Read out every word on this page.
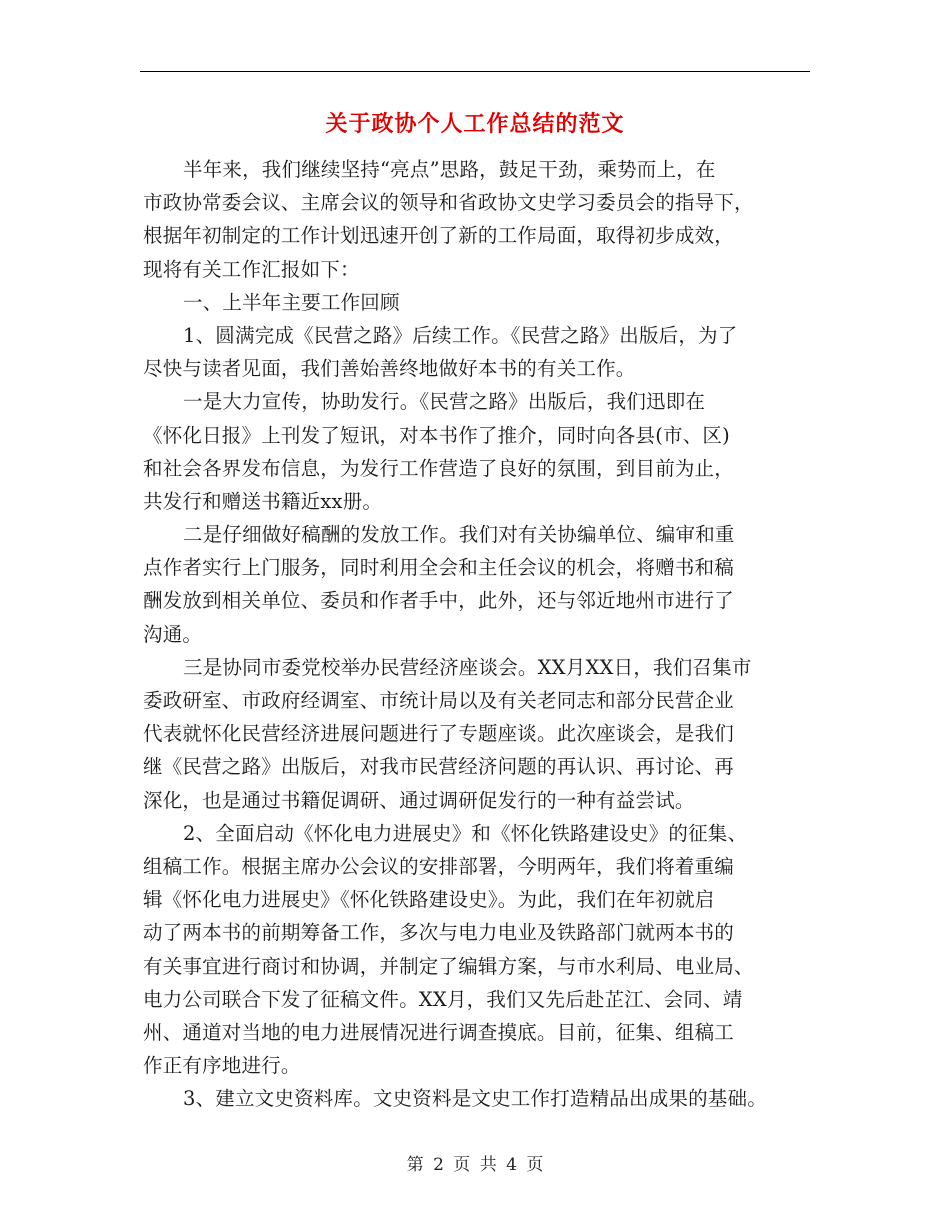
关于政协个人工作总结的范文
半年来，我们继续坚持“亮点”思路，鼓足干劲，乘势而上，在
市政协常委会议、主席会议的领导和省政协文史学习委员会的指导下，
根据年初制定的工作计划迅速开创了新的工作局面，取得初步成效，
现将有关工作汇报如下：
一、上半年主要工作回顾
1、圆满完成《民营之路》后续工作。《民营之路》出版后，为了
尽快与读者见面，我们善始善终地做好本书的有关工作。
一是大力宣传，协助发行。《民营之路》出版后，我们迅即在
《怀化日报》上刊发了短讯，对本书作了推介，同时向各县(市、区)
和社会各界发布信息，为发行工作营造了良好的氛围，到目前为止，
共发行和赠送书籍近xx册。
二是仔细做好稿酬的发放工作。我们对有关协编单位、编审和重
点作者实行上门服务，同时利用全会和主任会议的机会，将赠书和稿
酬发放到相关单位、委员和作者手中，此外，还与邻近地州市进行了
沟通。
三是协同市委党校举办民营经济座谈会。XX月XX日，我们召集市
委政研室、市政府经调室、市统计局以及有关老同志和部分民营企业
代表就怀化民营经济进展问题进行了专题座谈。此次座谈会，是我们
继《民营之路》出版后，对我市民营经济问题的再认识、再讨论、再
深化，也是通过书籍促调研、通过调研促发行的一种有益尝试。
2、全面启动《怀化电力进展史》和《怀化铁路建设史》的征集、
组稿工作。根据主席办公会议的安排部署，今明两年，我们将着重编
辑《怀化电力进展史》《怀化铁路建设史》。为此，我们在年初就启
动了两本书的前期筹备工作，多次与电力电业及铁路部门就两本书的
有关事宜进行商讨和协调，并制定了编辑方案，与市水利局、电业局、
电力公司联合下发了征稿文件。XX月，我们又先后赴芷江、会同、靖
州、通道对当地的电力进展情况进行调查摸底。目前，征集、组稿工
作正有序地进行。
3、建立文史资料库。文史资料是文史工作打造精品出成果的基础。
第 2 页 共 4 页
